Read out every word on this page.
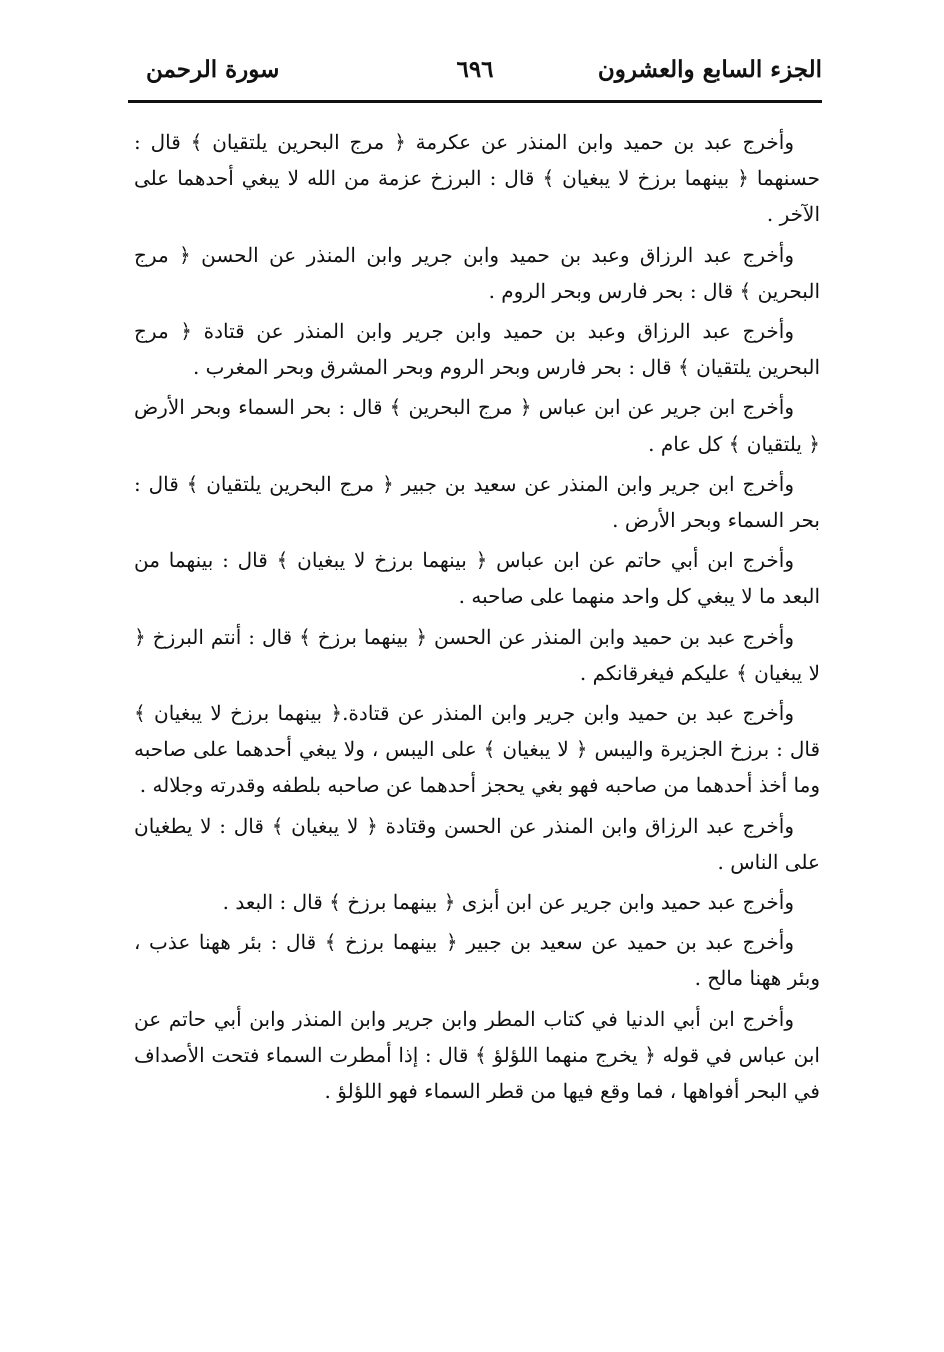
الجزء السابع والعشرون
٦٩٦
سورة الرحمن

وأخرج عبد بن حميد وابن المنذر عن عكرمة ﴿ مرج البحرين يلتقيان ﴾ قال : حسنهما ﴿ بينهما برزخ لا يبغيان ﴾ قال : البرزخ عزمة من الله لا يبغي أحدهما على الآخر .

وأخرج عبد الرزاق وعبد بن حميد وابن جرير وابن المنذر عن الحسن ﴿ مرج البحرين ﴾ قال : بحر فارس وبحر الروم .

وأخرج عبد الرزاق وعبد بن حميد وابن جرير وابن المنذر عن قتادة ﴿ مرج البحرين يلتقيان ﴾ قال : بحر فارس وبحر الروم وبحر المشرق وبحر المغرب .

وأخرج ابن جرير عن ابن عباس ﴿ مرج البحرين ﴾ قال : بحر السماء وبحر الأرض ﴿ يلتقيان ﴾ كل عام .

وأخرج ابن جرير وابن المنذر عن سعيد بن جبير ﴿ مرج البحرين يلتقيان ﴾ قال : بحر السماء وبحر الأرض .

وأخرج ابن أبي حاتم عن ابن عباس ﴿ بينهما برزخ لا يبغيان ﴾ قال : بينهما من البعد ما لا يبغي كل واحد منهما على صاحبه .

وأخرج عبد بن حميد وابن المنذر عن الحسن ﴿ بينهما برزخ ﴾ قال : أنتم البرزخ ﴿ لا يبغيان ﴾ عليكم فيغرقانكم .

وأخرج عبد بن حميد وابن جرير وابن المنذر عن قتادة.﴿ بينهما برزخ لا يبغيان ﴾ قال : برزخ الجزيرة واليبس ﴿ لا يبغيان ﴾ على اليبس ، ولا يبغي أحدهما على صاحبه وما أخذ أحدهما من صاحبه فهو بغي يحجز أحدهما عن صاحبه بلطفه وقدرته وجلاله .

وأخرج عبد الرزاق وابن المنذر عن الحسن وقتادة ﴿ لا يبغيان ﴾ قال : لا يطغيان على الناس .

وأخرج عبد حميد وابن جرير عن ابن أبزى ﴿ بينهما برزخ ﴾ قال : البعد .

وأخرج عبد بن حميد عن سعيد بن جبير ﴿ بينهما برزخ ﴾ قال : بئر ههنا عذب ، وبئر ههنا مالح .

وأخرج ابن أبي الدنيا في كتاب المطر وابن جرير وابن المنذر وابن أبي حاتم عن ابن عباس في قوله ﴿ يخرج منهما اللؤلؤ ﴾ قال : إذا أمطرت السماء فتحت الأصداف في البحر أفواهها ، فما وقع فيها من قطر السماء فهو اللؤلؤ .
